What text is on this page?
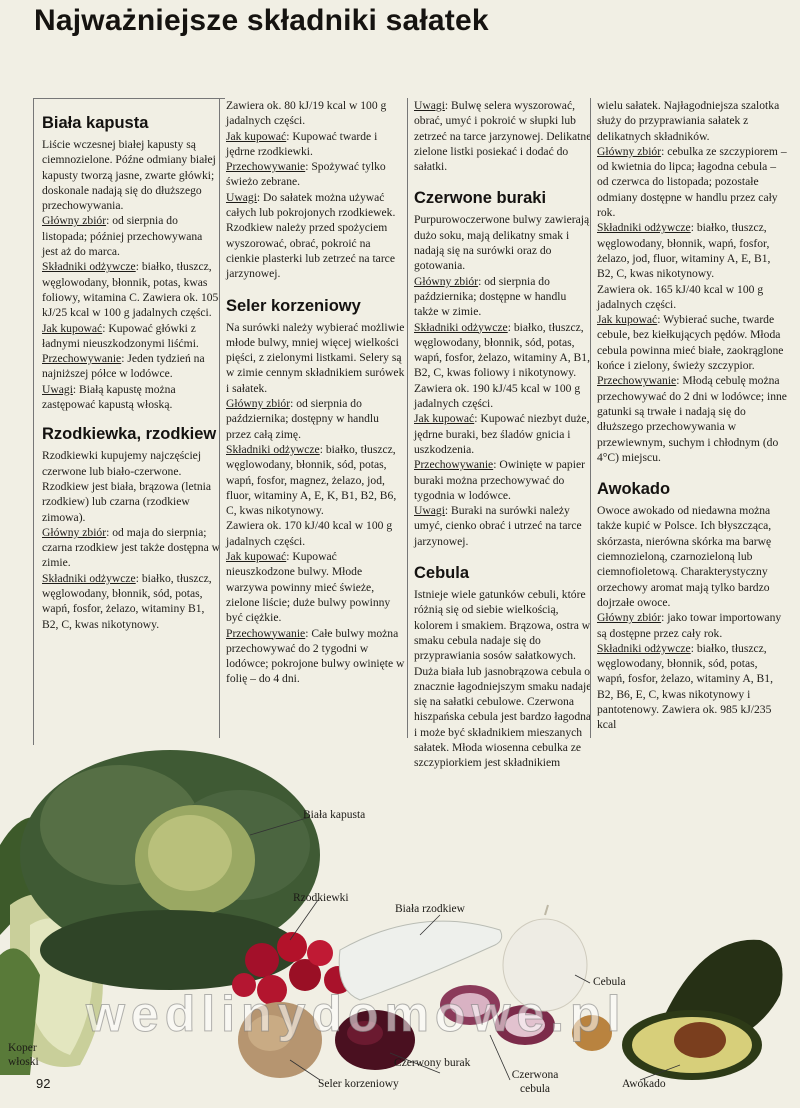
Najważniejsze składniki sałatek
Biała kapusta

Liście wczesnej białej kapusty są ciemnozielone. Późne odmiany białej kapusty tworzą jasne, zwarte główki; doskonale nadają się do dłuższego przechowywania.

Główny zbiór: od sierpnia do listopada; później przechowywana jest aż do marca.

Składniki odżywcze: białko, tłuszcz, węglowodany, błonnik, potas, kwas foliowy, witamina C. Zawiera ok. 105 kJ/25 kcal w 100 g jadalnych części.

Jak kupować: Kupować główki z ładnymi nieuszkodzonymi liśćmi.

Przechowywanie: Jeden tydzień na najniższej półce w lodówce.

Uwagi: Białą kapustę można zastępować kapustą włoską.

Rzodkiewka, rzodkiew

Rzodkiewki kupujemy najczęściej czerwone lub biało-czerwone. Rzodkiew jest biała, brązowa (letnia rzodkiew) lub czarna (rzodkiew zimowa).

Główny zbiór: od maja do sierpnia; czarna rzodkiew jest także dostępna w zimie.

Składniki odżywcze: białko, tłuszcz, węglowodany, błonnik, sód, potas, wapń, fosfor, żelazo, witaminy B1, B2, C, kwas nikotynowy.

Zawiera ok. 80 kJ/19 kcal w 100 g jadalnych części.

Jak kupować: Kupować twarde i jędrne rzodkiewki.

Przechowywanie: Spożywać tylko świeżo zebrane.

Uwagi: Do sałatek można używać całych lub pokrojonych rzodkiewek. Rzodkiew należy przed spożyciem wyszorować, obrać, pokroić na cienkie plasterki lub zetrzeć na tarce jarzynowej.

Seler korzeniowy

Na surówki należy wybierać możliwie młode bulwy, mniej więcej wielkości pięści, z zielonymi listkami. Selery są w zimie cennym składnikiem surówek i sałatek.

Główny zbiór: od sierpnia do października; dostępny w handlu przez całą zimę.

Składniki odżywcze: białko, tłuszcz, węglowodany, błonnik, sód, potas, wapń, fosfor, magnez, żelazo, jod, fluor, witaminy A, E, K, B1, B2, B6, C, kwas nikotynowy.

Zawiera ok. 170 kJ/40 kcal w 100 g jadalnych części.

Jak kupować: Kupować nieuszkodzone bulwy. Młode warzywa powinny mieć świeże, zielone liście; duże bulwy powinny być ciężkie.

Przechowywanie: Całe bulwy można przechowywać do 2 tygodni w lodówce; pokrojone bulwy owinięte w folię – do 4 dni.

Uwagi: Bulwę selera wyszorować, obrać, umyć i pokroić w słupki lub zetrzeć na tarce jarzynowej. Delikatne zielone listki posiekać i dodać do sałatki.

Czerwone buraki

Purpurowoczerwone bulwy zawierają dużo soku, mają delikatny smak i nadają się na surówki oraz do gotowania.

Główny zbiór: od sierpnia do października; dostępne w handlu także w zimie.

Składniki odżywcze: białko, tłuszcz, węglowodany, błonnik, sód, potas, wapń, fosfor, żelazo, witaminy A, B1, B2, C, kwas foliowy i nikotynowy.

Zawiera ok. 190 kJ/45 kcal w 100 g jadalnych części.

Jak kupować: Kupować niezbyt duże, jędrne buraki, bez śladów gnicia i uszkodzenia.

Przechowywanie: Owinięte w papier buraki można przechowywać do tygodnia w lodówce.

Uwagi: Buraki na surówki należy umyć, cienko obrać i utrzeć na tarce jarzynowej.

Cebula

Istnieje wiele gatunków cebuli, które różnią się od siebie wielkością, kolorem i smakiem. Brązowa, ostra w smaku cebula nadaje się do przyprawiania sosów sałatkowych. Duża biała lub jasnobrązowa cebula o znacznie łagodniejszym smaku nadaje się na sałatki cebulowe. Czerwona hiszpańska cebula jest bardzo łagodna i może być składnikiem mieszanych sałatek. Młoda wiosenna cebulka ze szczypiorkiem jest składnikiem

wielu sałatek. Najłagodniejsza szalotka służy do przyprawiania sałatek z delikatnych składników.

Główny zbiór: cebulka ze szczypiorem – od kwietnia do lipca; łagodna cebula – od czerwca do listopada; pozostałe odmiany dostępne w handlu przez cały rok.

Składniki odżywcze: białko, tłuszcz, węglowodany, błonnik, wapń, fosfor, żelazo, jod, fluor, witaminy A, E, B1, B2, C, kwas nikotynowy.

Zawiera ok. 165 kJ/40 kcal w 100 g jadalnych części.

Jak kupować: Wybierać suche, twarde cebule, bez kiełkujących pędów. Młoda cebula powinna mieć białe, zaokrąglone końce i zielony, świeży szczypior.

Przechowywanie: Młodą cebulę można przechowywać do 2 dni w lodówce; inne gatunki są trwałe i nadają się do dłuższego przechowywania w przewiewnym, suchym i chłodnym (do 4°C) miejscu.

Awokado

Owoce awokado od niedawna można także kupić w Polsce. Ich błyszcząca, skórzasta, nierówna skórka ma barwę ciemnozieloną, czarnozieloną lub ciemnofioletową. Charakterystyczny orzechowy aromat mają tylko bardzo dojrzałe owoce.

Główny zbiór: jako towar importowany są dostępne przez cały rok.

Składniki odżywcze: białko, tłuszcz, węglowodany, błonnik, sód, potas, wapń, fosfor, żelazo, witaminy A, B1, B2, B6, E, C, kwas nikotynowy i pantotenowy. Zawiera ok. 985 kJ/235 kcal

Biała kapusta
Rzodkiewki
Biała rzodkiew
Cebula
Koper włoski	Czerwony burak
Seler korzeniowy
Czerwona cebula	Awokado
wedlinydomowe.pl
92
